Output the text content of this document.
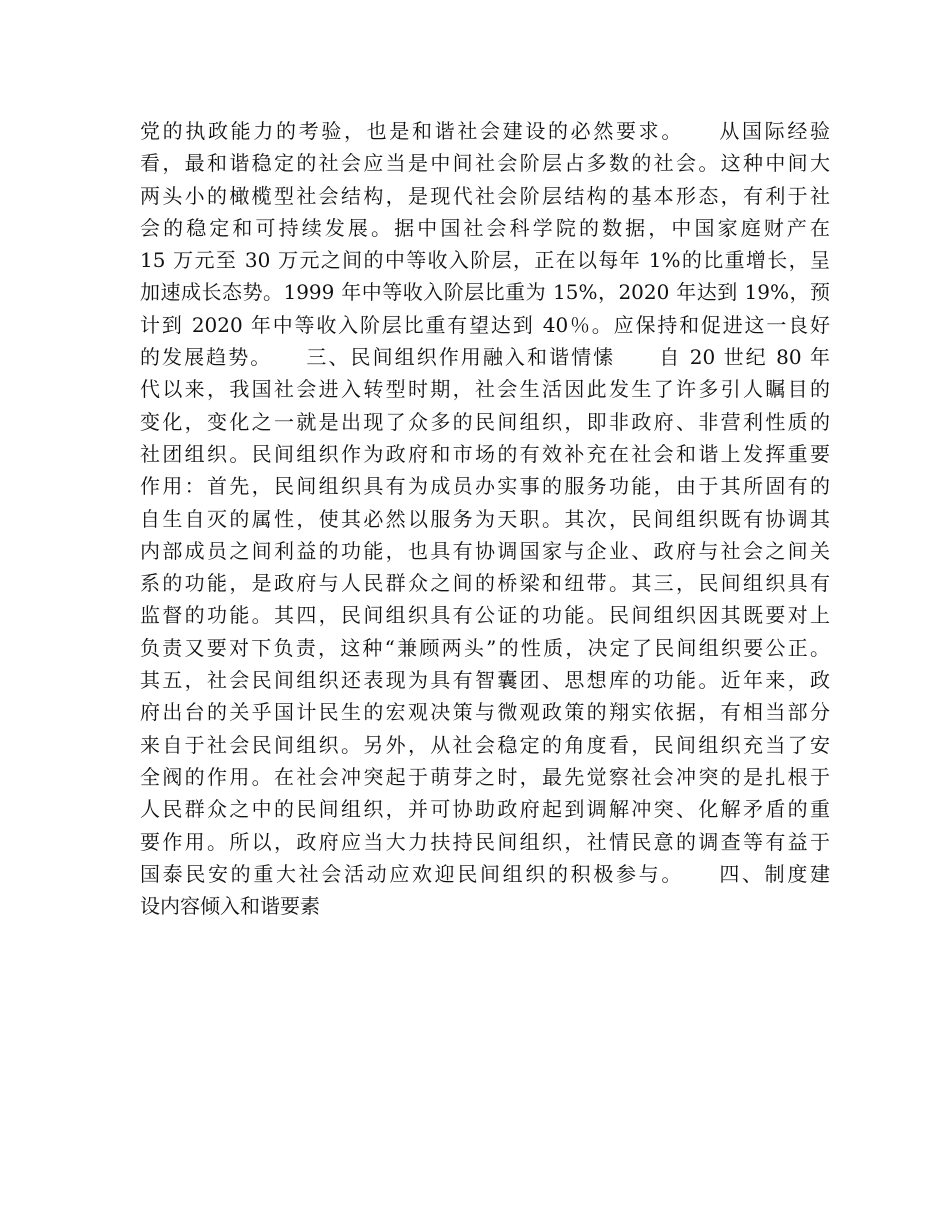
党的执政能力的考验，也是和谐社会建设的必然要求。　　从国际经验
看，最和谐稳定的社会应当是中间社会阶层占多数的社会。这种中间大
两头小的橄榄型社会结构，是现代社会阶层结构的基本形态，有利于社
会的稳定和可持续发展。据中国社会科学院的数据，中国家庭财产在
15 万元至 30 万元之间的中等收入阶层，正在以每年 1%的比重增长，呈
加速成长态势。1999 年中等收入阶层比重为 15%，2020 年达到 19%，预
计到 2020 年中等收入阶层比重有望达到 40％。应保持和促进这一良好
的发展趋势。　　三、民间组织作用融入和谐情愫　　自 20 世纪 80 年
代以来，我国社会进入转型时期，社会生活因此发生了许多引人瞩目的
变化，变化之一就是出现了众多的民间组织，即非政府、非营利性质的
社团组织。民间组织作为政府和市场的有效补充在社会和谐上发挥重要
作用：首先，民间组织具有为成员办实事的服务功能，由于其所固有的
自生自灭的属性，使其必然以服务为天职。其次，民间组织既有协调其
内部成员之间利益的功能，也具有协调国家与企业、政府与社会之间关
系的功能，是政府与人民群众之间的桥梁和纽带。其三，民间组织具有
监督的功能。其四，民间组织具有公证的功能。民间组织因其既要对上
负责又要对下负责，这种“兼顾两头”的性质，决定了民间组织要公正。
其五，社会民间组织还表现为具有智囊团、思想库的功能。近年来，政
府出台的关乎国计民生的宏观决策与微观政策的翔实依据，有相当部分
来自于社会民间组织。另外，从社会稳定的角度看，民间组织充当了安
全阀的作用。在社会冲突起于萌芽之时，最先觉察社会冲突的是扎根于
人民群众之中的民间组织，并可协助政府起到调解冲突、化解矛盾的重
要作用。所以，政府应当大力扶持民间组织，社情民意的调查等有益于
国泰民安的重大社会活动应欢迎民间组织的积极参与。　　四、制度建
设内容倾入和谐要素
